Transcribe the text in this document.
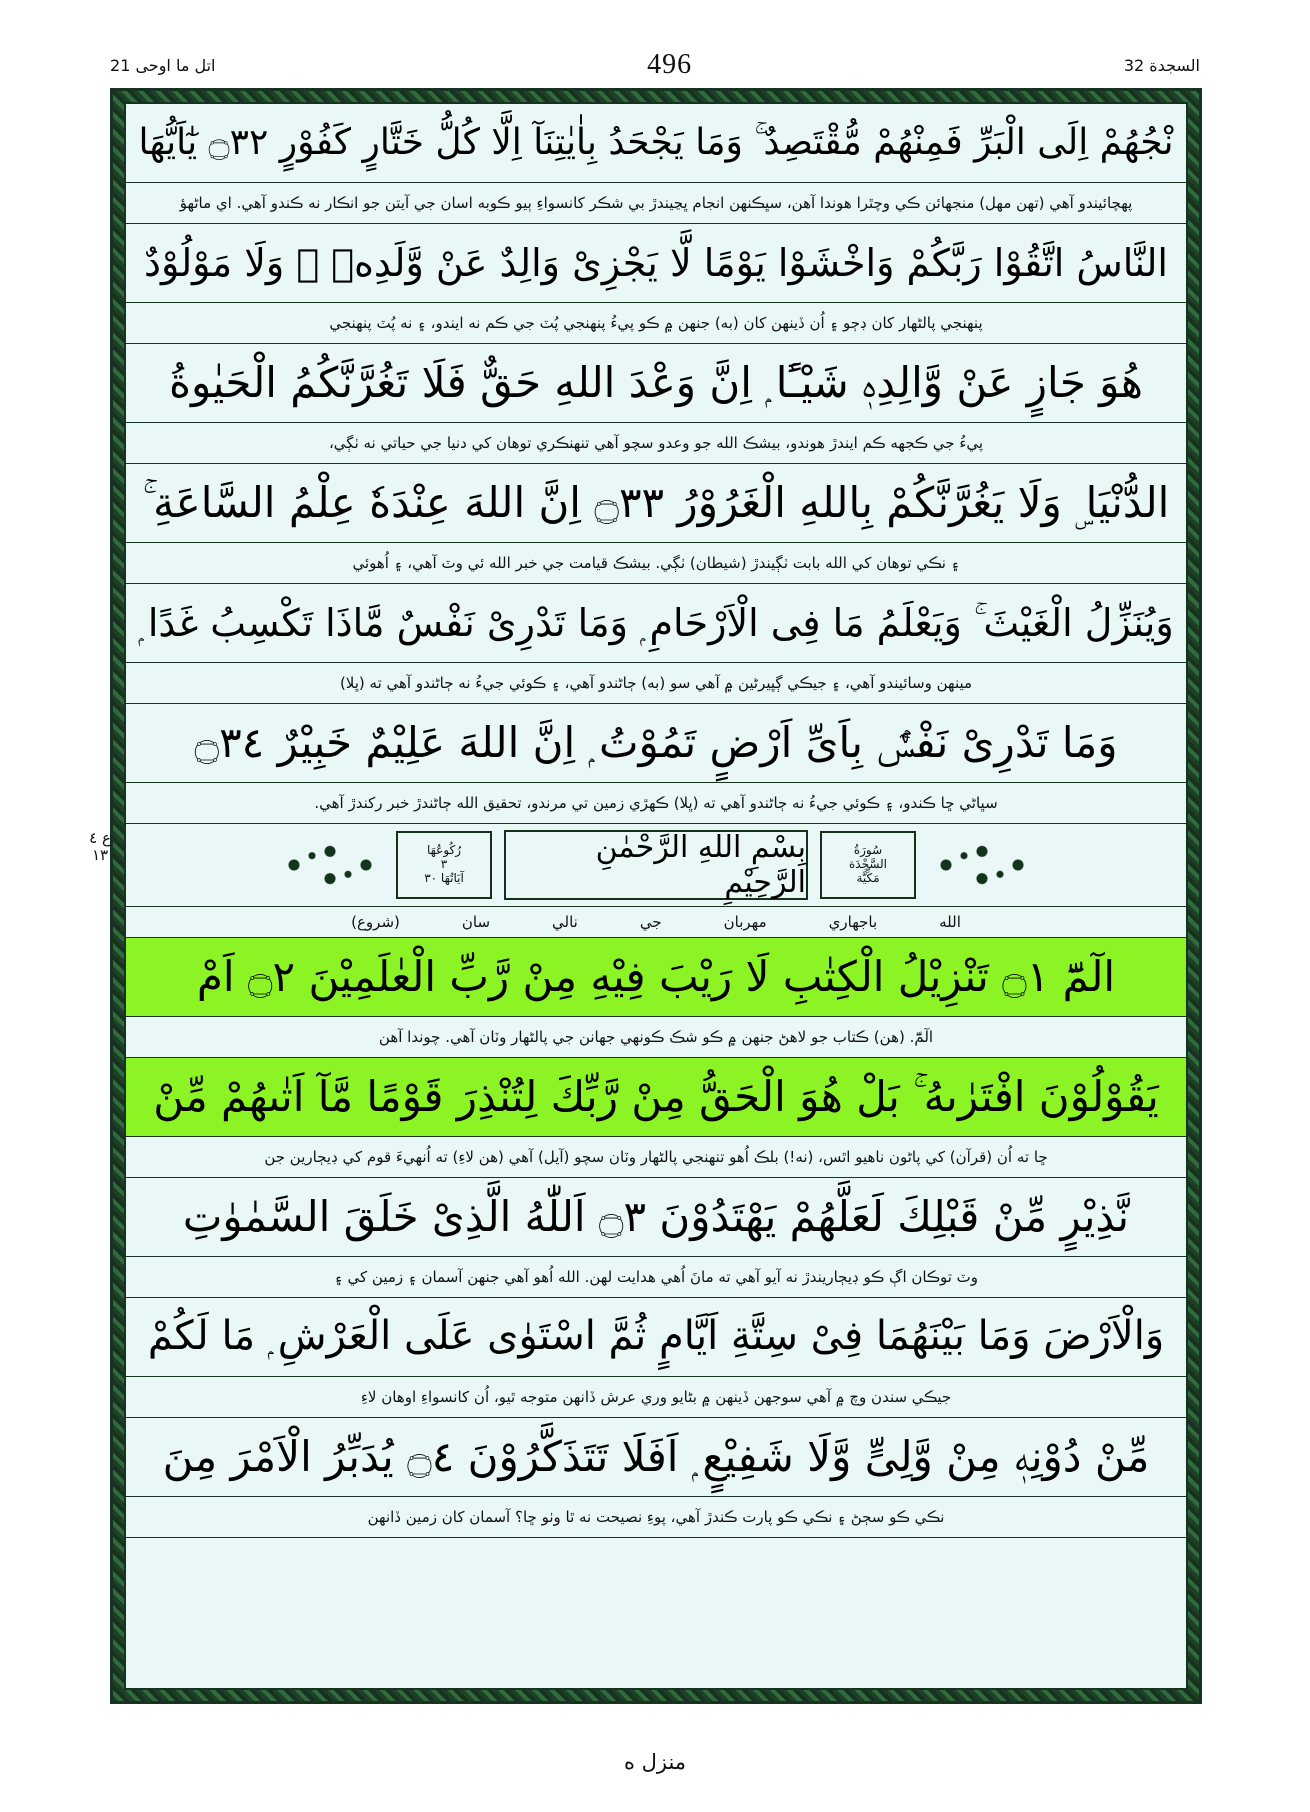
السجدة 32
496
اتل ما اوحی 21
ع ٤ ١٣
نْجُهُمْ اِلَى الْبَرِّ فَمِنْهُمْ مُّقْتَصِدٌ ۚ وَمَا يَجْحَدُ بِاٰيٰتِنَآ اِلَّا كُلُّ خَتَّارٍ كَفُوْرٍ ۝٣٢ يٰٓاَيُّهَا
پهچائيندو آهي (تهن مهل) منجهائن ڪي وچٿرا هوندا آهن، سڀڪنهن انجام ڀڃيندڙ بي شڪر کانسواءِ ٻيو ڪوبه اسان جي آيتن جو انڪار نه ڪندو آهي. اي ماڻهؤ
النَّاسُ اتَّقُوْا رَبَّكُمْ وَاخْشَوْا يَوْمًا لَّا يَجْزِىْ وَالِدٌ عَنْ وَّلَدِهٖ ۖ وَلَا مَوْلُوْدٌ
پنهنجي پالڻهار کان ڊڄو ۽ اُن ڏينهن کان (به) جنهن ۾ ڪو پيءُ پنهنجي پُٽ جي ڪم نه ايندو، ۽ نه پُٽ پنهنجي
هُوَ جَازٍ عَنْ وَّالِدِهٖ شَيْـًٔا ۭ اِنَّ وَعْدَ اللهِ حَقٌّ فَلَا تَغُرَّنَّكُمُ الْحَيٰوةُ
پيءُ جي ڪجهه ڪم ايندڙ هوندو، بيشڪ الله جو وعدو سچو آهي تنهنڪري توهان کي دنيا جي حياتي نه ٺڳي،
الدُّنْيَا ۣ وَلَا يَغُرَّنَّكُمْ بِاللهِ الْغَرُوْرُ ۝٣٣ اِنَّ اللهَ عِنْدَهٗ عِلْمُ السَّاعَةِ ۚ
۽ نڪي توهان کي الله بابت ٺڳيندڙ (شيطان) ٺڳي. بيشڪ قيامت جي خبر الله ئي وٽ آهي، ۽ اُهوئي
وَيُنَزِّلُ الْغَيْثَ ۚ وَيَعْلَمُ مَا فِى الْاَرْحَامِ ۭ وَمَا تَدْرِىْ نَفْسٌ مَّاذَا تَكْسِبُ غَدًا ۭ
مينهن وسائيندو آهي، ۽ جيڪي ڳڀيرڻين ۾ آهي سو (به) ڄاڻندو آهي، ۽ ڪوئي جيءُ نه ڄاڻندو آهي ته (ڀلا)
وَمَا تَدْرِىْ نَفْسٌۢ بِاَىِّ اَرْضٍ تَمُوْتُ ۭ اِنَّ اللهَ عَلِيْمٌ خَبِيْرٌ ۝٣٤
سڀاڻي ڇا ڪندو، ۽ ڪوئي جيءُ نه ڄاڻندو آهي ته (ڀلا) ڪهڙي زمين تي مرندو، تحقيق الله ڄاڻندڙ خبر رکندڙ آهي.
سُورَةُ
السَّجْدَة
مَكِّيَّة
بِسْمِ اللهِ الرَّحْمٰنِ الرَّحِيْمِ
رُكُوعُهَا
٣
آيَاتُهَا ٣٠
الله
باجهاري
مهربان
جي
نالي
سان
(شروع)
الٓمّٓ ۝١ تَنْزِيْلُ الْكِتٰبِ لَا رَيْبَ فِيْهِ مِنْ رَّبِّ الْعٰلَمِيْنَ ۝٢ اَمْ
الٓمّٓ. (هن) ڪتاب جو لاهڻ جنهن ۾ ڪو شڪ ڪونهي جهانن جي پالڻهار وٽان آهي. چوندا آهن
يَقُوْلُوْنَ افْتَرٰىهُ ۚ بَلْ هُوَ الْحَقُّ مِنْ رَّبِّكَ لِتُنْذِرَ قَوْمًا مَّآ اَتٰىهُمْ مِّنْ
ڇا ته اُن (قرآن) کي پاڻون ناهيو اٿس، (نه!) بلڪ اُهو تنهنجي پالڻهار وٽان سچو (آيل) آهي (هن لاءِ) ته اُنهيءَ قوم کي ڊيڄارين جن
نَّذِيْرٍ مِّنْ قَبْلِكَ لَعَلَّهُمْ يَهْتَدُوْنَ ۝٣ اَللّٰهُ الَّذِىْ خَلَقَ السَّمٰوٰتِ
وٽ توڪان اڳ ڪو ڊيڄاريندڙ نه آيو آهي ته مانَ اُهي هدايت لهن. الله اُهو آهي جنهن آسمان ۽ زمين کي ۽
وَالْاَرْضَ وَمَا بَيْنَهُمَا فِىْ سِتَّةِ اَيَّامٍ ثُمَّ اسْتَوٰى عَلَى الْعَرْشِ ۭ مَا لَكُمْ
جيڪي سندن وچ ۾ آهي سوجهن ڏينهن ۾ بڻايو وري عرش ڏانهن متوجه ٿيو، اُن کانسواءِ اوهان لاءِ
مِّنْ دُوْنِهٖ مِنْ وَّلِىٍّ وَّلَا شَفِيْعٍ ۭ اَفَلَا تَتَذَكَّرُوْنَ ۝٤ يُدَبِّرُ الْاَمْرَ مِنَ
نڪي ڪو سڄڻ ۽ نڪي ڪو پارت ڪندڙ آهي، پوءِ نصيحت نه ٿا وٺو ڇا؟ آسمان کان زمين ڏانهن
منزل ه
